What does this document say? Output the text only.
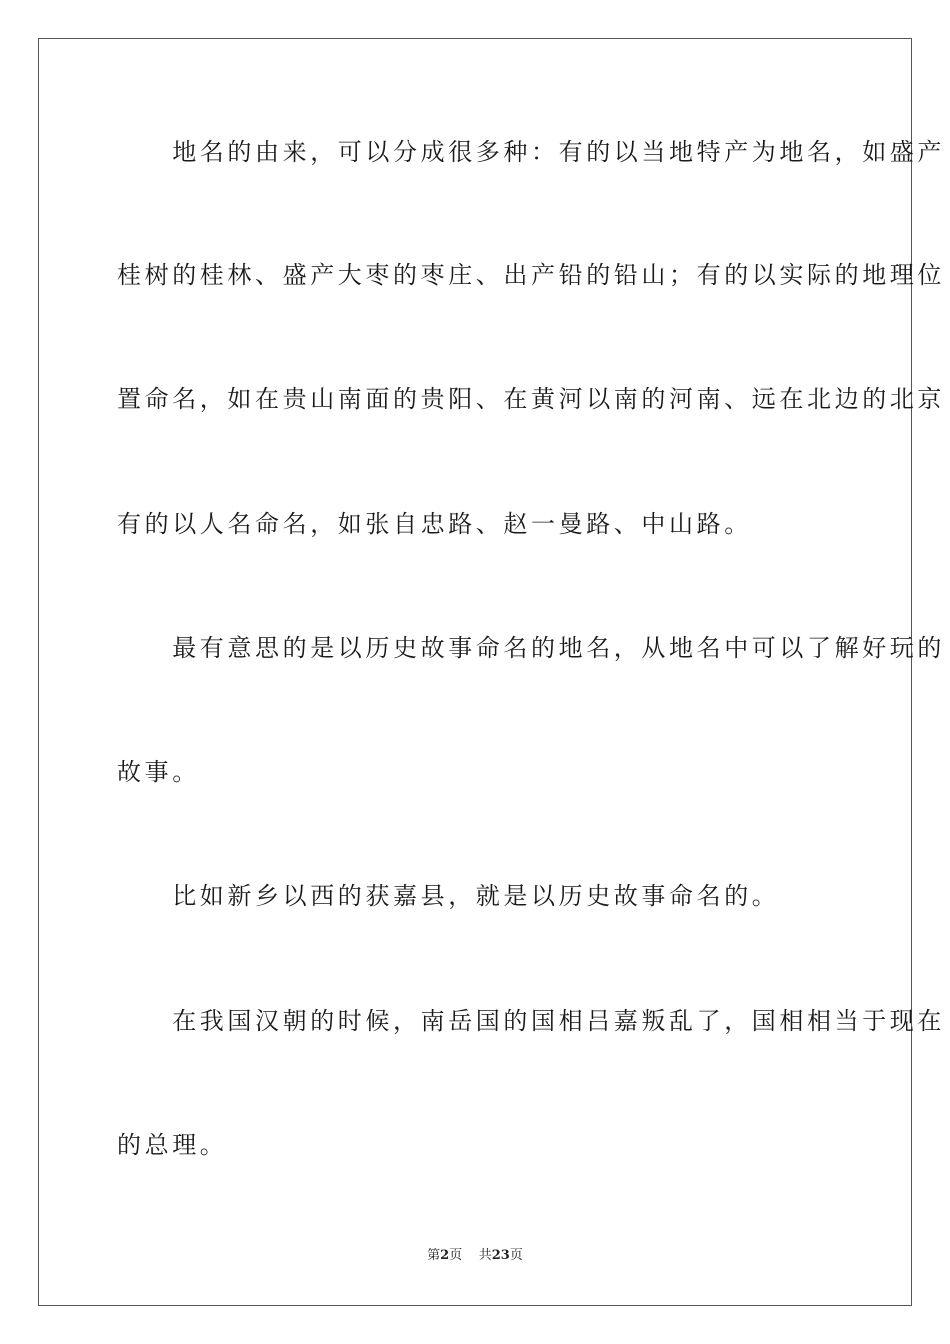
　　地名的由来，可以分成很多种：有的以当地特产为地名，如盛产

桂树的桂林、盛产大枣的枣庄、出产铅的铅山；有的以实际的地理位

置命名，如在贵山南面的贵阳、在黄河以南的河南、远在北边的北京

有的以人名命名，如张自忠路、赵一曼路、中山路。

　　最有意思的是以历史故事命名的地名，从地名中可以了解好玩的

故事。

　　比如新乡以西的获嘉县，就是以历史故事命名的。

　　在我国汉朝的时候，南岳国的国相吕嘉叛乱了，国相相当于现在

的总理。

第2页 共23页
